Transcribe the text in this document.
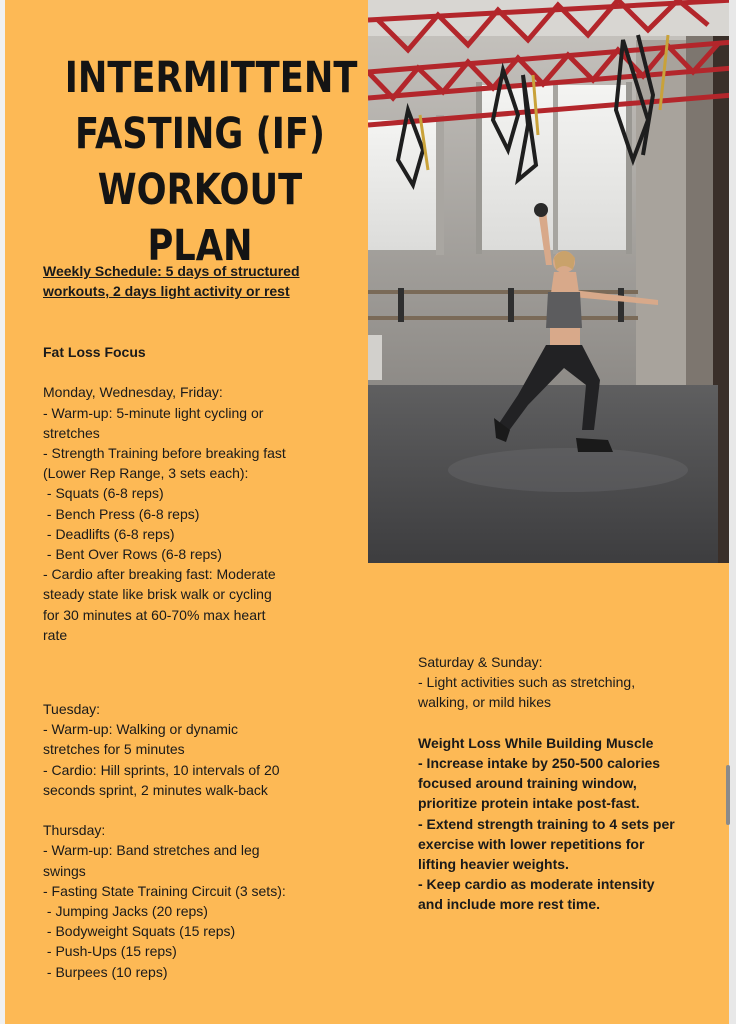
INTERMITTENT
FASTING (IF)
WORKOUT PLAN

Weekly Schedule: 5 days of structured
workouts, 2 days light activity or rest

Fat Loss Focus
Monday, Wednesday, Friday:
- Warm-up: 5-minute light cycling or
stretches
- Strength Training before breaking fast
(Lower Rep Range, 3 sets each):
- Squats (6-8 reps)
- Bench Press (6-8 reps)
- Deadlifts (6-8 reps)
- Bent Over Rows (6-8 reps)
- Cardio after breaking fast: Moderate
steady state like brisk walk or cycling
for 30 minutes at 60-70% max heart
rate
Tuesday:
- Warm-up: Walking or dynamic
stretches for 5 minutes
- Cardio: Hill sprints, 10 intervals of 20
seconds sprint, 2 minutes walk-back
Thursday:
- Warm-up: Band stretches and leg
swings
- Fasting State Training Circuit (3 sets):
- Jumping Jacks (20 reps)
- Bodyweight Squats (15 reps)
- Push-Ups (15 reps)
- Burpees (10 reps)
Saturday & Sunday:
- Light activities such as stretching,
walking, or mild hikes
Weight Loss While Building Muscle
- Increase intake by 250-500 calories
focused around training window,
prioritize protein intake post-fast.
- Extend strength training to 4 sets per
exercise with lower repetitions for
lifting heavier weights.
- Keep cardio as moderate intensity
and include more rest time.
